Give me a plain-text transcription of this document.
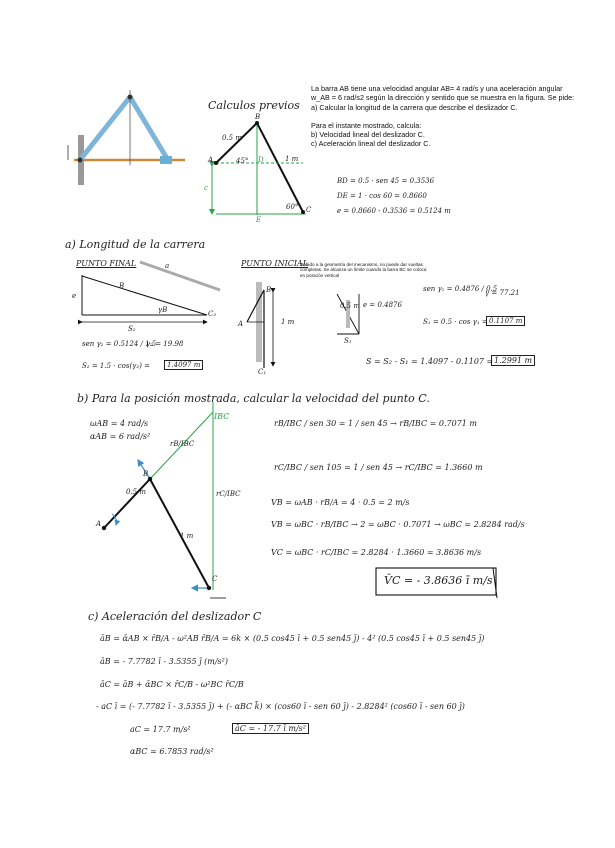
La barra AB tiene una velocidad angular AB= 4 rad/s y una aceleración angular
w_AB = 6 rad/s2 según la dirección y sentido que se muestra en la figura. Se pide:
a) Calcular la longitud de la carrera que describe el deslizador C.
Para el instante mostrado, calcula:
b) Velocidad lineal del deslizador C.
c) Aceleración lineal del deslizador C.
Calculos previos
A
B
C
D
E
c
0.5 m
1 m
45°
60°
BD = 0.5 · sen 45 = 0.3536
DE = 1 · cos 60 = 0.8660
e = 0.8660 - 0.3536 = 0.5124 m
a) Longitud de la carrera
PUNTO FINAL	PUNTO INICIAL
Debido a la geometría del mecanismo, no puede dar vueltas
completas. Se alcanza un límite cuando la barra BC se coloca
en posición vertical
e
B
γB	C₂
S₂
a
sen γ₂ = 0.5124 / 1.5
γ₂ = 19.98
S₂ = 1.5 · cos(γ₂) =	1.4097 m
A
B
C₁
1 m
0.5 m e = 0.4876
S₁
sen γ₁ = 0.4876 / 0.5
γ = 77.21
S₁ = 0.5 · cos γ₁ = 0.1107 m
S = S₂ - S₁ = 1.4097 - 0.1107 = 1.2991 m
b) Para la posición mostrada, calcular la velocidad del punto C.
ωAB = 4 rad/s
αAB = 6 rad/s²
IBC
rB/IBC
rC/IBC
B
A
C
0.5 m
1 m
rB/IBC / sen 30 = 1 / sen 45 → rB/IBC = 0.7071 m
rC/IBC / sen 105 = 1 / sen 45 → rC/IBC = 1.3660 m
VB = ωAB · rB/A = 4 · 0.5 = 2 m/s
VB = ωBC · rB/IBC → 2 = ωBC · 0.7071 → ωBC = 2.8284 rad/s
VC = ωBC · rC/IBC = 2.8284 · 1.3660 = 3.8636 m/s
V̄C = - 3.8636 ī m/s
c) Aceleración del deslizador C
āB = ᾱAB × r̄B/A - ω²AB r̄B/A = 6k × (0.5 cos45 ī + 0.5 sen45 j̄) - 4² (0.5 cos45 ī + 0.5 sen45 j̄)
āB = - 7.7782 ī - 3.5355 j̄ (m/s²)
āC = āB + ᾱBC × r̄C/B - ω²BC r̄C/B
- aC ī = (- 7.7782 ī - 3.5355 j̄) + (- αBC k̄) × (cos60 ī - sen 60 j̄) - 2.8284² (cos60 ī - sen 60 j̄)
aC = 17.7 m/s²	āC = - 17.7 ī m/s²
αBC = 6.7853 rad/s²
